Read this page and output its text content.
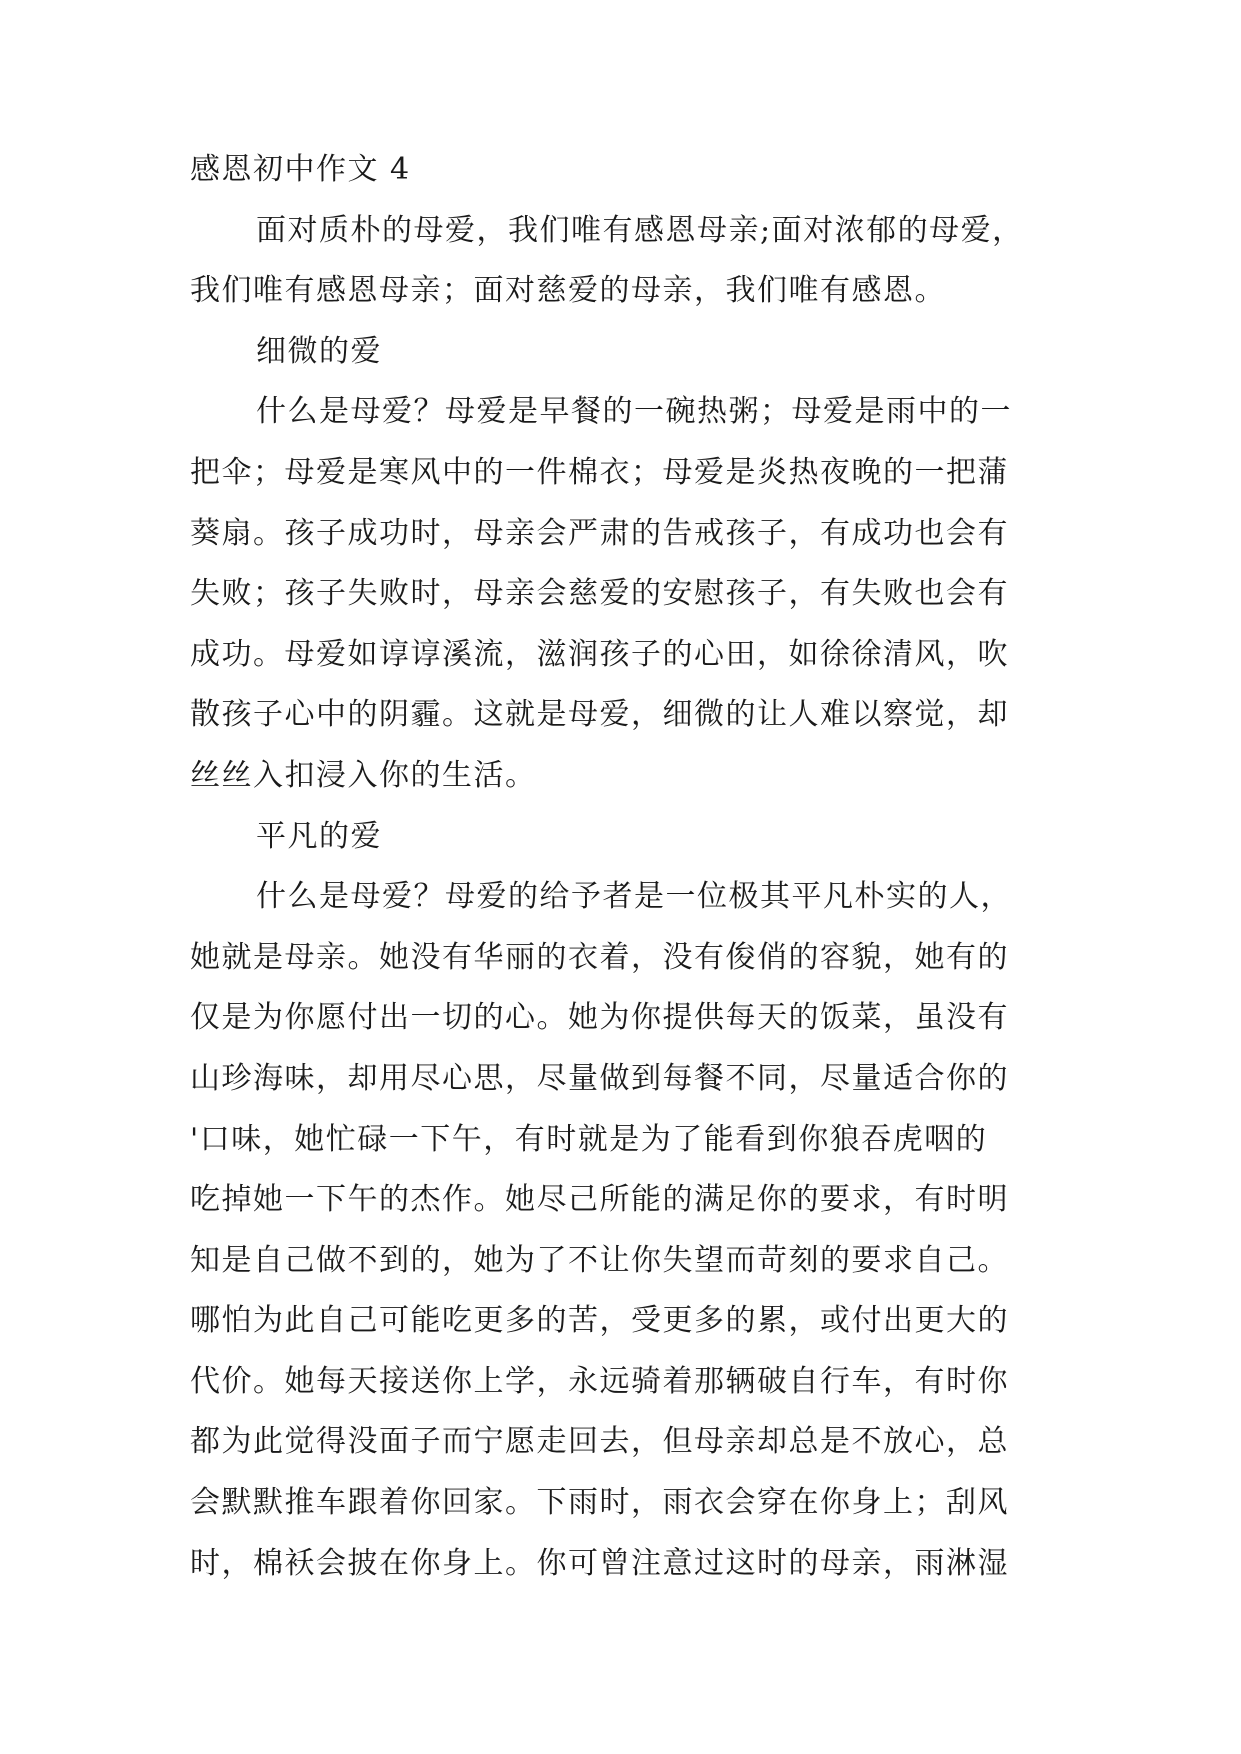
感恩初中作文 4
面对质朴的母爱，我们唯有感恩母亲;面对浓郁的母爱，
我们唯有感恩母亲；面对慈爱的母亲，我们唯有感恩。
细微的爱
什么是母爱？母爱是早餐的一碗热粥；母爱是雨中的一
把伞；母爱是寒风中的一件棉衣；母爱是炎热夜晚的一把蒲
葵扇。孩子成功时，母亲会严肃的告戒孩子，有成功也会有
失败；孩子失败时，母亲会慈爱的安慰孩子，有失败也会有
成功。母爱如谆谆溪流，滋润孩子的心田，如徐徐清风，吹
散孩子心中的阴霾。这就是母爱，细微的让人难以察觉，却
丝丝入扣浸入你的生活。
平凡的爱
什么是母爱？母爱的给予者是一位极其平凡朴实的人，
她就是母亲。她没有华丽的衣着，没有俊俏的容貌，她有的
仅是为你愿付出一切的心。她为你提供每天的饭菜，虽没有
山珍海味，却用尽心思，尽量做到每餐不同，尽量适合你的
'口味，她忙碌一下午，有时就是为了能看到你狼吞虎咽的
吃掉她一下午的杰作。她尽己所能的满足你的要求，有时明
知是自己做不到的，她为了不让你失望而苛刻的要求自己。
哪怕为此自己可能吃更多的苦，受更多的累，或付出更大的
代价。她每天接送你上学，永远骑着那辆破自行车，有时你
都为此觉得没面子而宁愿走回去，但母亲却总是不放心，总
会默默推车跟着你回家。下雨时，雨衣会穿在你身上；刮风
时，棉袄会披在你身上。你可曾注意过这时的母亲，雨淋湿
